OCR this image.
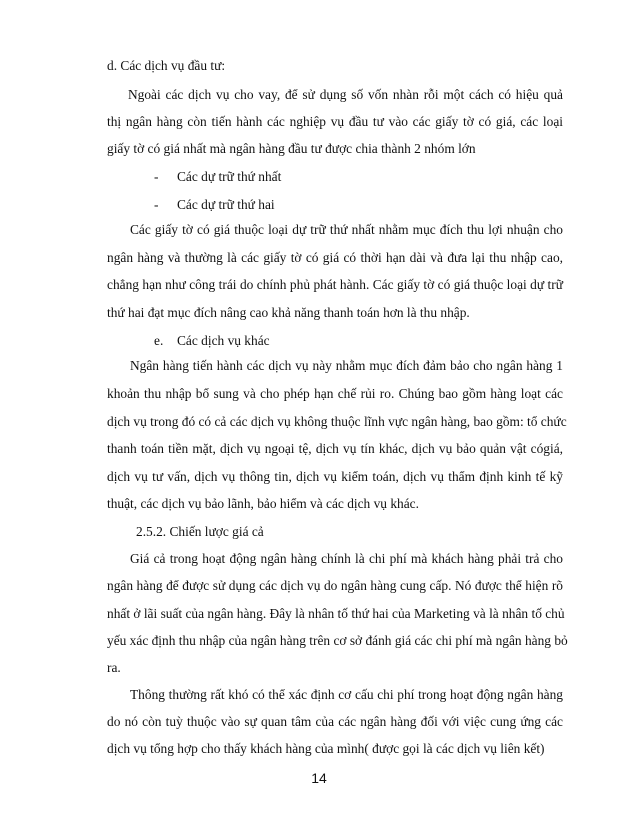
d. Các dịch vụ đầu tư:
Ngoài các dịch vụ cho vay, để sử dụng số vốn nhàn rỗi một cách có hiệu quả
thị ngân hàng còn tiến hành các nghiệp vụ đầu tư vào các giấy tờ có giá, các loại
giấy tờ có giá nhất mà ngân hàng đầu tư được chia thành 2 nhóm lớn
- Các dự trữ thứ nhất
- Các dự trữ thứ hai
Các giấy tờ có giá thuộc loại dự trữ thứ nhất nhằm mục đích thu lợi nhuận cho
ngân hàng và thường là các giấy tờ có giá có thời hạn dài và đưa lại thu nhập cao,
chẳng hạn như công trái do chính phủ phát hành. Các giấy tờ có giá thuộc loại dự trữ
thứ hai đạt mục đích nâng cao khả năng thanh toán hơn là thu nhập.
e. Các dịch vụ khác
Ngân hàng tiến hành các dịch vụ này nhằm mục đích đảm bảo cho ngân hàng 1
khoản thu nhập bổ sung và cho phép hạn chế rủi ro. Chúng bao gồm hàng loạt các
dịch vụ trong đó có cả các dịch vụ không thuộc lĩnh vực ngân hàng, bao gồm: tổ chức
thanh toán tiền mặt, dịch vụ ngoại tệ, dịch vụ tín khác, dịch vụ bảo quản vật cógiá,
dịch vụ tư vấn, dịch vụ thông tin, dịch vụ kiểm toán, dịch vụ thẩm định kinh tế kỹ
thuật, các dịch vụ bảo lãnh, bảo hiểm và các dịch vụ khác.
2.5.2. Chiến lược giá cả
Giá cả trong hoạt động ngân hàng chính là chi phí mà khách hàng phải trả cho
ngân hàng để được sử dụng các dịch vụ do ngân hàng cung cấp. Nó được thể hiện rõ
nhất ở lãi suất của ngân hàng. Đây là nhân tố thứ hai của Marketing và là nhân tố chủ
yếu xác định thu nhập của ngân hàng trên cơ sở đánh giá các chi phí mà ngân hàng bỏ
ra.
Thông thường rất khó có thể xác định cơ cấu chi phí trong hoạt động ngân hàng
do nó còn tuỳ thuộc vào sự quan tâm của các ngân hàng đối với việc cung ứng các
dịch vụ tổng hợp cho thấy khách hàng của mình( được gọi là các dịch vụ liên kết)
14
